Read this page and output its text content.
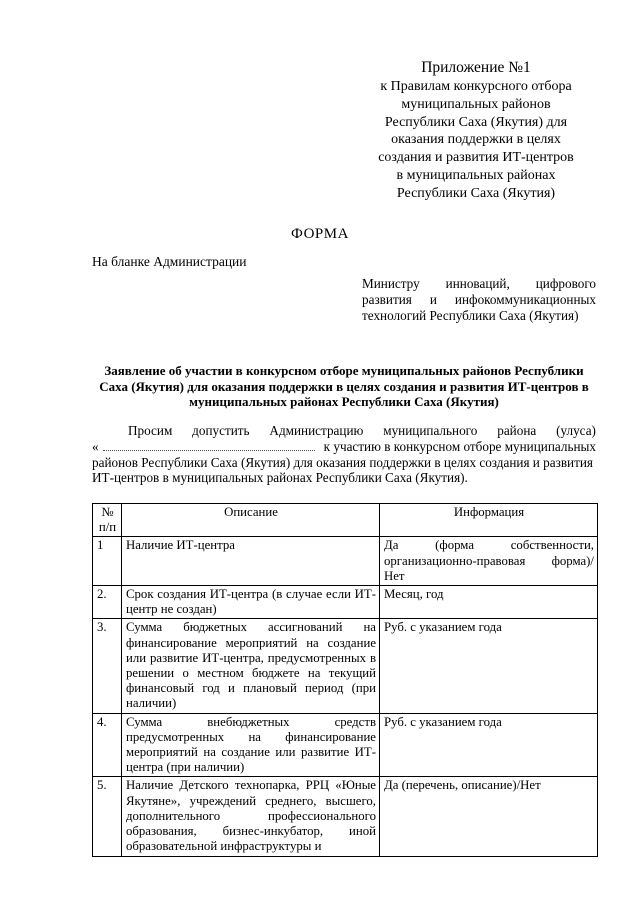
Приложение №1
к Правилам конкурсного отбора
муниципальных районов
Республики Саха (Якутия) для
оказания поддержки в целях
создания и развития ИТ-центров
в муниципальных районах
Республики Саха (Якутия)
ФОРМА
На бланке Администрации
Министру инноваций, цифрового развития и инфокоммуникационных технологий Республики Саха (Якутия)
Заявление об участии в конкурсном отборе муниципальных районов Республики Саха (Якутия) для оказания поддержки в целях создания и развития ИТ-центров в муниципальных районах Республики Саха (Якутия)
Просим допустить Администрацию муниципального района (улуса)
«	к участию в конкурсном отборе муниципальных
районов Республики Саха (Якутия) для оказания поддержки в целях создания и развития
ИТ-центров в муниципальных районах Республики Саха (Якутия).
№ п/п	Описание	Информация
1	Наличие ИТ-центра	Да (форма собственности, организационно-правовая форма)/ Нет
2.	Срок создания ИТ-центра (в случае если ИТ-центр не создан)	Месяц, год
3.	Сумма бюджетных ассигнований на финансирование мероприятий на создание или развитие ИТ-центра, предусмотренных в решении о местном бюджете на текущий финансовый год и плановый период (при наличии)	Руб. с указанием года
4.	Сумма внебюджетных средств предусмотренных на финансирование мероприятий на создание или развитие ИТ-центра (при наличии)	Руб. с указанием года
5.	Наличие Детского технопарка, РРЦ «Юные Якутяне», учреждений среднего, высшего, дополнительного профессионального образования, бизнес-инкубатор, иной образовательной инфраструктуры и	Да (перечень, описание)/Нет
